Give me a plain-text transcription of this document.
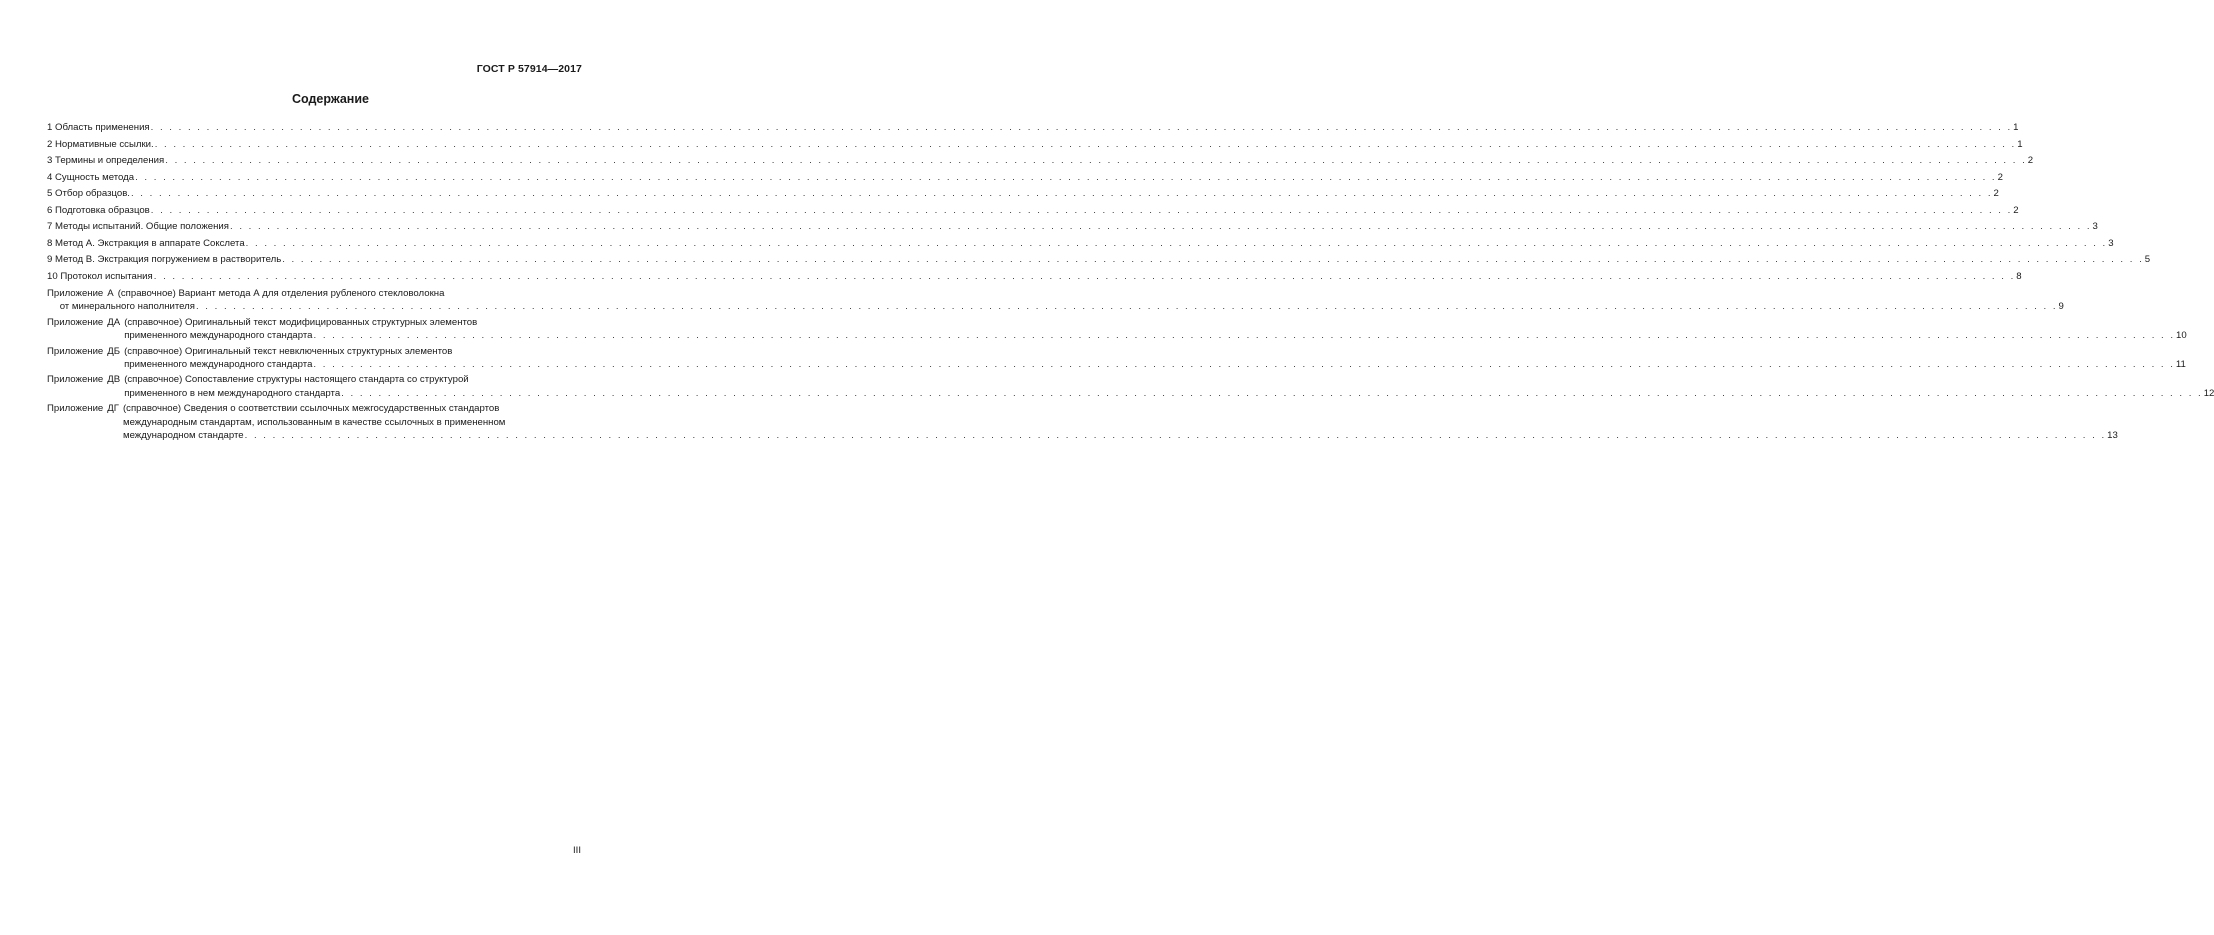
ГОСТ Р 57914—2017
Содержание
1 Область применения . . . . . . . . . . . . . . . . . . . . . . . . . . . . . . . . . . . . . . . . . . . . . . . . . . . . . . . . . . . . . . . . . . . . . . . . . . . . . . . . . . . . . . . . . . . . . . . . . . . . . . . . . . . . . . . . . . . . . . . . . . . . . . . . . . . . . . . . . . . . . . . . . . . . . . . . . . . . . . . . . . . . . . . . . . . . . . . . . . . . . . . . . . . . . . . . . . . . . . . . 1
2 Нормативные ссылки. . . . . . . . . . . . . . . . . . . . . . . . . . . . . . . . . . . . . . . . . . . . . . . . . . . . . . . . . . . . . . . . . . . . . . . . . . . . . . . . . . . . . . . . . . . . . . . . . . . . . . . . . . . . . . . . . . . . . . . . . . . . . . . . . . . . . . . . . . . . . . . . . . . . . . . . . . . . . . . . . . . . . . . . . . . . . . . . . . . . . . . . . . . . . . . . . . . . . . . . . 1
3 Термины и определения . . . . . . . . . . . . . . . . . . . . . . . . . . . . . . . . . . . . . . . . . . . . . . . . . . . . . . . . . . . . . . . . . . . . . . . . . . . . . . . . . . . . . . . . . . . . . . . . . . . . . . . . . . . . . . . . . . . . . . . . . . . . . . . . . . . . . . . . . . . . . . . . . . . . . . . . . . . . . . . . . . . . . . . . . . . . . . . . . . . . . . . . . . . . . . . . . . . . . . . . 2
4 Сущность метода . . . . . . . . . . . . . . . . . . . . . . . . . . . . . . . . . . . . . . . . . . . . . . . . . . . . . . . . . . . . . . . . . . . . . . . . . . . . . . . . . . . . . . . . . . . . . . . . . . . . . . . . . . . . . . . . . . . . . . . . . . . . . . . . . . . . . . . . . . . . . . . . . . . . . . . . . . . . . . . . . . . . . . . . . . . . . . . . . . . . . . . . . . . . . . . . . . . . . . . . 2
5 Отбор образцов. . . . . . . . . . . . . . . . . . . . . . . . . . . . . . . . . . . . . . . . . . . . . . . . . . . . . . . . . . . . . . . . . . . . . . . . . . . . . . . . . . . . . . . . . . . . . . . . . . . . . . . . . . . . . . . . . . . . . . . . . . . . . . . . . . . . . . . . . . . . . . . . . . . . . . . . . . . . . . . . . . . . . . . . . . . . . . . . . . . . . . . . . . . . . . . . . . . . . . . . . 2
6 Подготовка образцов . . . . . . . . . . . . . . . . . . . . . . . . . . . . . . . . . . . . . . . . . . . . . . . . . . . . . . . . . . . . . . . . . . . . . . . . . . . . . . . . . . . . . . . . . . . . . . . . . . . . . . . . . . . . . . . . . . . . . . . . . . . . . . . . . . . . . . . . . . . . . . . . . . . . . . . . . . . . . . . . . . . . . . . . . . . . . . . . . . . . . . . . . . . . . . . . . . . . . . . . 2
7 Методы испытаний. Общие положения . . . . . . . . . . . . . . . . . . . . . . . . . . . . . . . . . . . . . . . . . . . . . . . . . . . . . . . . . . . . . . . . . . . . . . . . . . . . . . . . . . . . . . . . . . . . . . . . . . . . . . . . . . . . . . . . . . . . . . . . . . . . . . . . . . . . . . . . . . . . . . . . . . . . . . . . . . . . . . . . . . . . . . . . . . . . . . . . . . . . . . . . . . . . . . . . . . . . . . . . 3
8 Метод А. Экстракция в аппарате Сокслета . . . . . . . . . . . . . . . . . . . . . . . . . . . . . . . . . . . . . . . . . . . . . . . . . . . . . . . . . . . . . . . . . . . . . . . . . . . . . . . . . . . . . . . . . . . . . . . . . . . . . . . . . . . . . . . . . . . . . . . . . . . . . . . . . . . . . . . . . . . . . . . . . . . . . . . . . . . . . . . . . . . . . . . . . . . . . . . . . . . . . . . . . . . . . . . . . . . . . . . . 3
9 Метод В. Экстракция погружением в растворитель . . . . . . . . . . . . . . . . . . . . . . . . . . . . . . . . . . . . . . . . . . . . . . . . . . . . . . . . . . . . . . . . . . . . . . . . . . . . . . . . . . . . . . . . . . . . . . . . . . . . . . . . . . . . . . . . . . . . . . . . . . . . . . . . . . . . . . . . . . . . . . . . . . . . . . . . . . . . . . . . . . . . . . . . . . . . . . . . . . . . . . . . . . . . . . . . . . . . . . . . 5
10 Протокол испытания . . . . . . . . . . . . . . . . . . . . . . . . . . . . . . . . . . . . . . . . . . . . . . . . . . . . . . . . . . . . . . . . . . . . . . . . . . . . . . . . . . . . . . . . . . . . . . . . . . . . . . . . . . . . . . . . . . . . . . . . . . . . . . . . . . . . . . . . . . . . . . . . . . . . . . . . . . . . . . . . . . . . . . . . . . . . . . . . . . . . . . . . . . . . . . . . . . . . . . . . 8
Приложение А (справочное) Вариант метода А для отделения рубленого стекловолокна
от минерального наполнителя . . . . . . . . . . . . . . . . . . . . . . . . . . . . . . . . . . . . . . . . . . . . . . . . . . . . . . . . . . . . . . . . . . . . . . . . . . . . . . . . . . . . . . . . . . . . . . . . . . . . . . . . . . . . . . . . . . . . . . . . . . . . . . . . . . . . . . . . . . . . . . . . . . . . . . . . . . . . . . . . . . . . . . . . . . . . . . . . . . . . . . . . . . . . . . . . . . . . . . . . 9
Приложение ДА (справочное) Оригинальный текст модифицированных структурных элементов
примененного международного стандарта . . . . . . . . . . . . . . . . . . . . . . . . . . . . . . . . . . . . . . . . . . . . . . . . . . . . . . . . . . . . . . . . . . . . . . . . . . . . . . . . . . . . . . . . . . . . . . . . . . . . . . . . . . . . . . . . . . . . . . . . . . . . . . . . . . . . . . . . . . . . . . . . . . . . . . . . . . . . . . . . . . . . . . . . . . . . . . . . . . . . . . . . . . . . . . . . . . . . . . . . 10
Приложение ДБ (справочное) Оригинальный текст невключенных структурных элементов
примененного международного стандарта . . . . . . . . . . . . . . . . . . . . . . . . . . . . . . . . . . . . . . . . . . . . . . . . . . . . . . . . . . . . . . . . . . . . . . . . . . . . . . . . . . . . . . . . . . . . . . . . . . . . . . . . . . . . . . . . . . . . . . . . . . . . . . . . . . . . . . . . . . . . . . . . . . . . . . . . . . . . . . . . . . . . . . . . . . . . . . . . . . . . . . . . . . . . . . . . . . . . . . . . 11
Приложение ДВ (справочное) Сопоставление структуры настоящего стандарта со структурой
примененного в нем международного стандарта . . . . . . . . . . . . . . . . . . . . . . . . . . . . . . . . . . . . . . . . . . . . . . . . . . . . . . . . . . . . . . . . . . . . . . . . . . . . . . . . . . . . . . . . . . . . . . . . . . . . . . . . . . . . . . . . . . . . . . . . . . . . . . . . . . . . . . . . . . . . . . . . . . . . . . . . . . . . . . . . . . . . . . . . . . . . . . . . . . . . . . . . . . . . . . . . . . . . . . . . 12
Приложение ДГ (справочное) Сведения о соответствии ссылочных межгосударственных стандартов
международным стандартам, использованным в качестве ссылочных в примененном
международном стандарте . . . . . . . . . . . . . . . . . . . . . . . . . . . . . . . . . . . . . . . . . . . . . . . . . . . . . . . . . . . . . . . . . . . . . . . . . . . . . . . . . . . . . . . . . . . . . . . . . . . . . . . . . . . . . . . . . . . . . . . . . . . . . . . . . . . . . . . . . . . . . . . . . . . . . . . . . . . . . . . . . . . . . . . . . . . . . . . . . . . . . . . . . . . . . . . . . . . . . . . . 13
III
